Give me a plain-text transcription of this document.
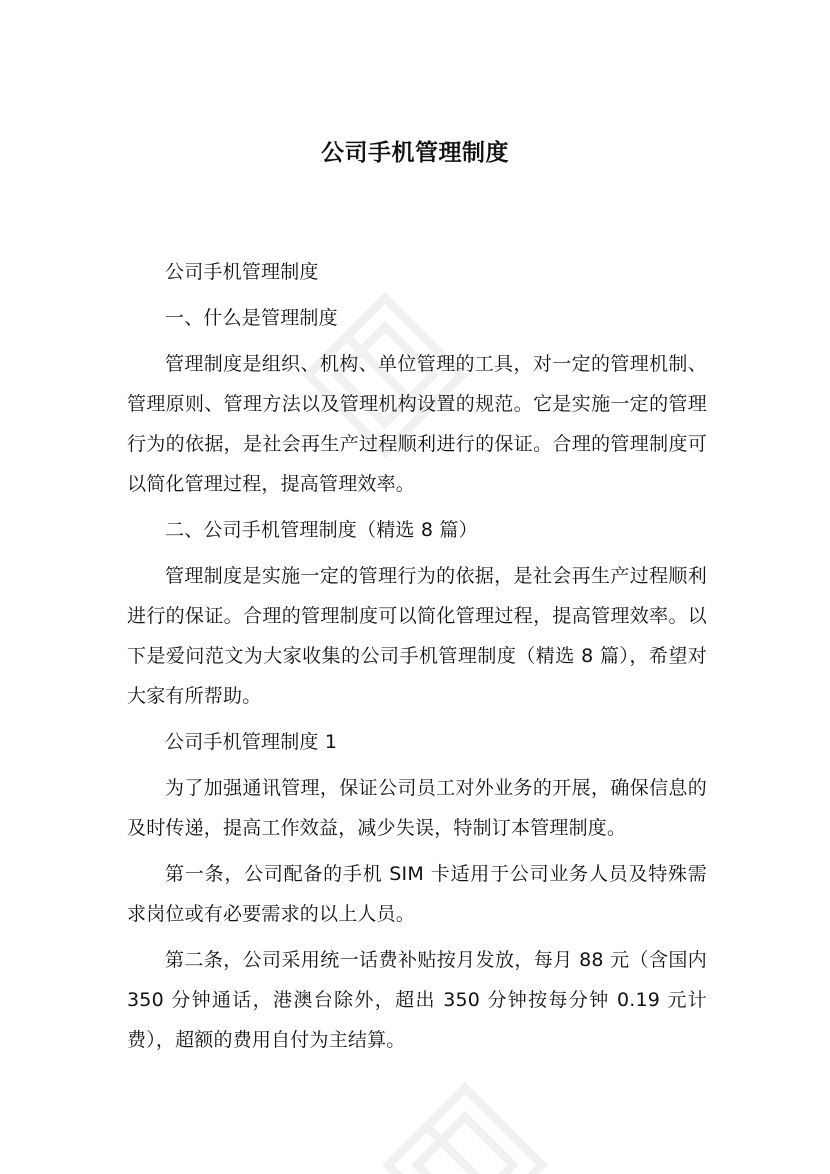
公司手机管理制度

公司手机管理制度

一、什么是管理制度

管理制度是组织、机构、单位管理的工具，对一定的管理机制、管理原则、管理方法以及管理机构设置的规范。它是实施一定的管理行为的依据，是社会再生产过程顺利进行的保证。合理的管理制度可以简化管理过程，提高管理效率。

二、公司手机管理制度（精选 8 篇）

管理制度是实施一定的管理行为的依据，是社会再生产过程顺利进行的保证。合理的管理制度可以简化管理过程，提高管理效率。以下是爱问范文为大家收集的公司手机管理制度（精选 8 篇），希望对大家有所帮助。

公司手机管理制度 1

为了加强通讯管理，保证公司员工对外业务的开展，确保信息的及时传递，提高工作效益，减少失误，特制订本管理制度。

第一条，公司配备的手机 SIM 卡适用于公司业务人员及特殊需求岗位或有必要需求的以上人员。

第二条，公司采用统一话费补贴按月发放，每月 88 元（含国内 350 分钟通话，港澳台除外，超出 350 分钟按每分钟 0.19 元计费），超额的费用自付为主结算。
